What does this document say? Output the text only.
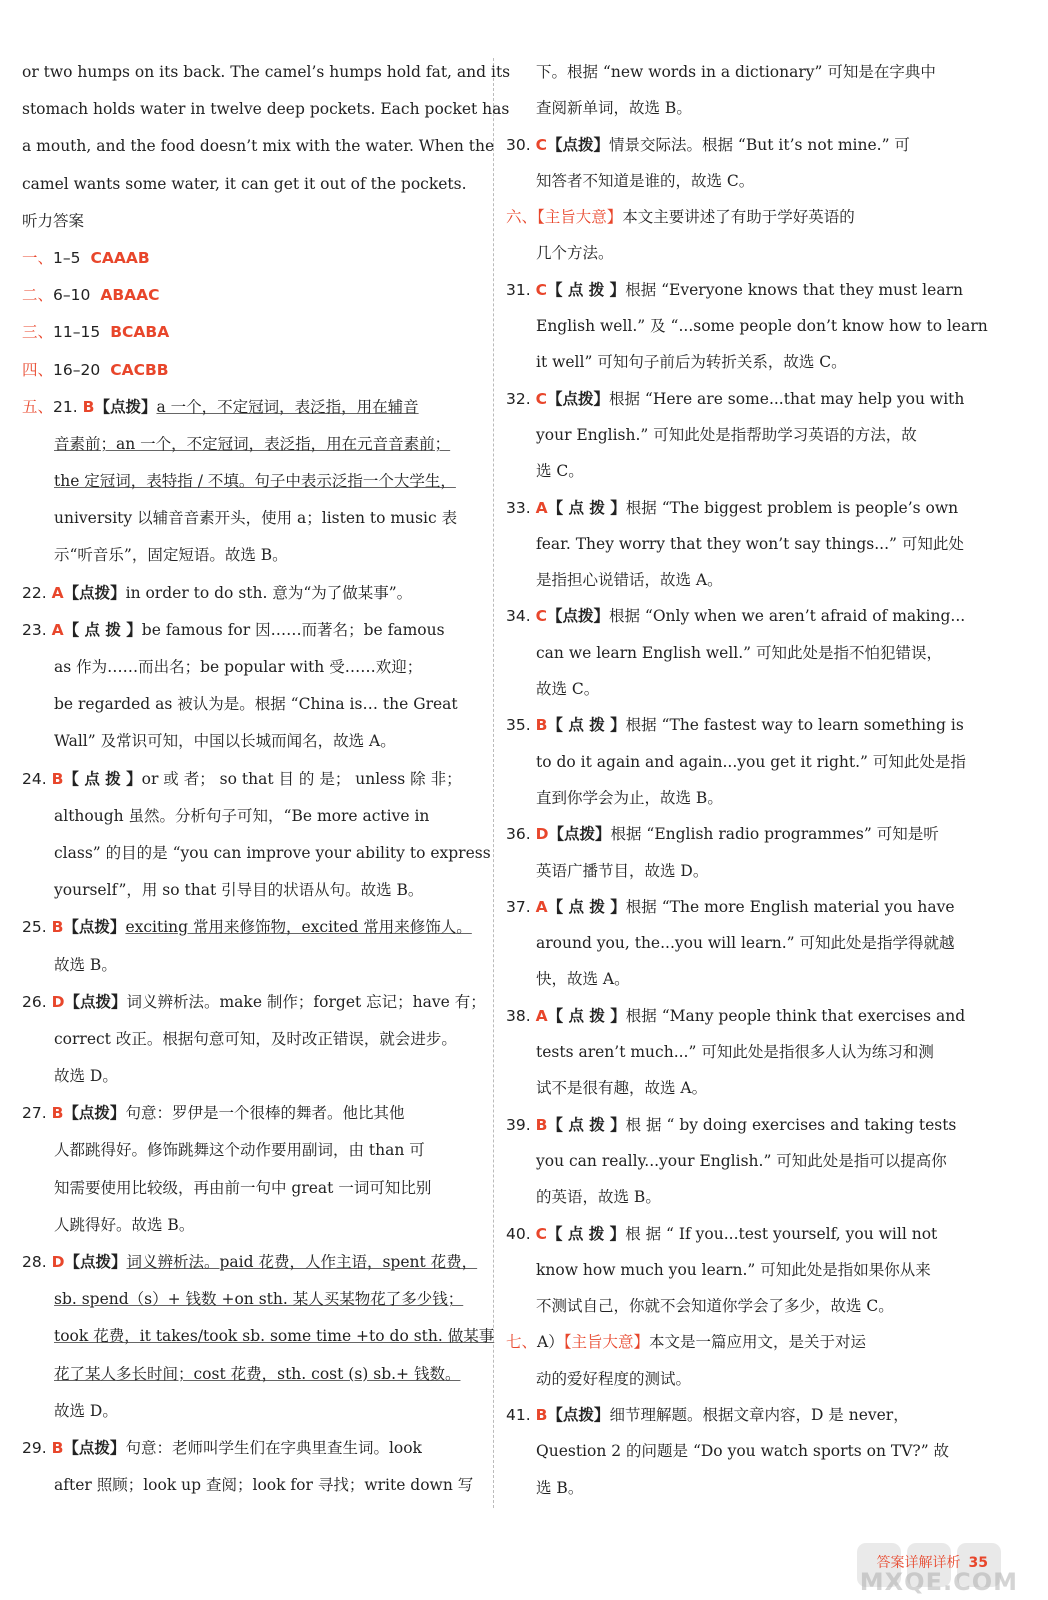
or two humps on its back. The camel’s humps hold fat, and its
stomach holds water in twelve deep pockets. Each pocket has
a mouth, and the food doesn’t mix with the water. When the
camel wants some water, it can get it out of the pockets.
听力答案
一、1–5 CAAAB
二、6–10 ABAAC
三、11–15 BCABA
四、16–20 CACBB
五、21. B【点拨】a 一个，不定冠词，表泛指，用在辅音
音素前；an 一个，不定冠词，表泛指，用在元音音素前；
the 定冠词，表特指 / 不填。句子中表示泛指一个大学生，
university 以辅音音素开头，使用 a；listen to music 表
示“听音乐”，固定短语。故选 B。
22. A【点拨】in order to do sth. 意为“为了做某事”。
23. A【 点 拨 】be famous for 因……而著名；be famous
as 作为……而出名；be popular with 受……欢迎；
be regarded as 被认为是。根据 “China is… the Great
Wall” 及常识可知，中国以长城而闻名，故选 A。
24. B【 点 拨 】or 或 者； so that 目 的 是； unless 除 非；
although 虽然。分析句子可知，“Be more active in
class” 的目的是 “you can improve your ability to express
yourself”，用 so that 引导目的状语从句。故选 B。
25. B【点拨】exciting 常用来修饰物，excited 常用来修饰人。
故选 B。
26. D【点拨】词义辨析法。make 制作；forget 忘记；have 有；
correct 改正。根据句意可知，及时改正错误，就会进步。
故选 D。
27. B【点拨】句意：罗伊是一个很棒的舞者。他比其他
人都跳得好。修饰跳舞这个动作要用副词，由 than 可
知需要使用比较级，再由前一句中 great 一词可知比别
人跳得好。故选 B。
28. D【点拨】词义辨析法。paid 花费，人作主语，spent 花费，
sb. spend（s）+ 钱数 +on sth. 某人买某物花了多少钱；
took 花费，it takes/took sb. some time +to do sth. 做某事
花了某人多长时间；cost 花费，sth. cost (s) sb.+ 钱数。
故选 D。
29. B【点拨】句意：老师叫学生们在字典里查生词。look
after 照顾；look up 查阅；look for 寻找；write down 写
下。根据 “new words in a dictionary” 可知是在字典中
查阅新单词，故选 B。
30. C【点拨】情景交际法。根据 “But it’s not mine.” 可
知答者不知道是谁的，故选 C。
六、【主旨大意】本文主要讲述了有助于学好英语的
几个方法。
31. C【 点 拨 】根据 “Everyone knows that they must learn
English well.” 及 “...some people don’t know how to learn
it well” 可知句子前后为转折关系，故选 C。
32. C【点拨】根据 “Here are some...that may help you with
your English.” 可知此处是指帮助学习英语的方法，故
选 C。
33. A【 点 拨 】根据 “The biggest problem is people’s own
fear. They worry that they won’t say things...” 可知此处
是指担心说错话，故选 A。
34. C【点拨】根据 “Only when we aren’t afraid of making...
can we learn English well.” 可知此处是指不怕犯错误，
故选 C。
35. B【 点 拨 】根据 “The fastest way to learn something is
to do it again and again...you get it right.” 可知此处是指
直到你学会为止，故选 B。
36. D【点拨】根据 “English radio programmes” 可知是听
英语广播节目，故选 D。
37. A【 点 拨 】根据 “The more English material you have
around you, the...you will learn.” 可知此处是指学得就越
快，故选 A。
38. A【 点 拨 】根据 “Many people think that exercises and
tests aren’t much...” 可知此处是指很多人认为练习和测
试不是很有趣，故选 A。
39. B【 点 拨 】根 据 “ by doing exercises and taking tests
you can really...your English.” 可知此处是指可以提高你
的英语，故选 B。
40. C【 点 拨 】根 据 “ If you...test yourself, you will not
know how much you learn.” 可知此处是指如果你从来
不测试自己，你就不会知道你学会了多少，故选 C。
七、A）【主旨大意】本文是一篇应用文，是关于对运
动的爱好程度的测试。
41. B【点拨】细节理解题。根据文章内容，D 是 never，
Question 2 的问题是 “Do you watch sports on TV?” 故
选 B。
MXQE.COM
答案详解详析 35
